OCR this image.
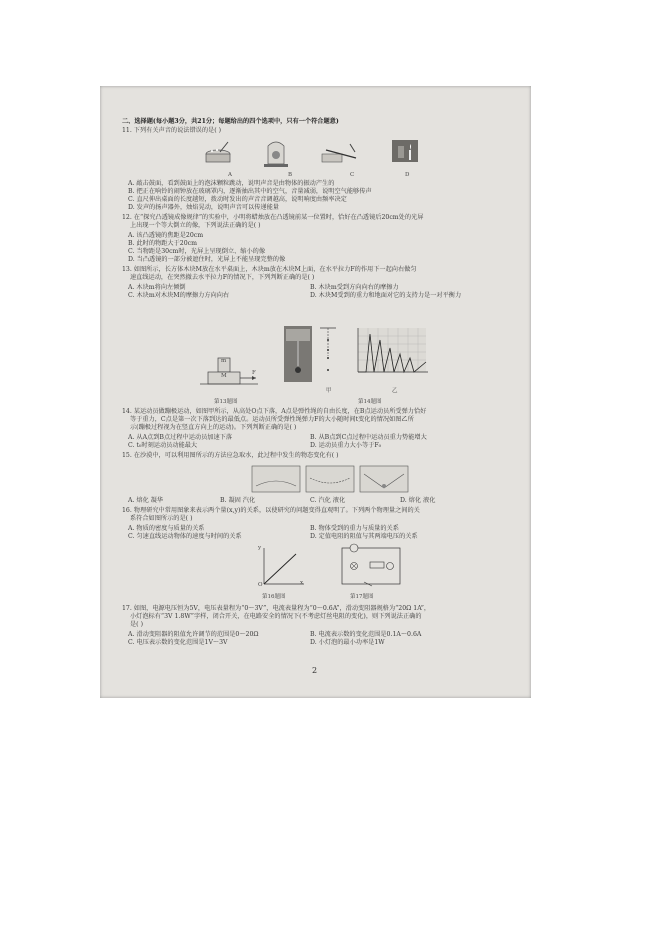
二、选择题(每小题3分，共21分；每题给出的四个选项中，只有一个符合题意)
11. 下列有关声音的说法错误的是( )
A	B	C	D
A. 敲击鼓面，看到鼓面上的泡沫颗粒跳动，说明声音是由物体的振动产生的
B. 把正在响铃的闹钟放在玻璃罩内，逐渐抽出其中的空气，音量减弱，说明空气能够传声
C. 直尺伸出桌面的长度越短，拨动时发出的声音音调越高，说明响度由频率决定
D. 发声的扬声器外，烛焰晃动，说明声音可以传递能量
12. 在“探究凸透镜成像规律”的实验中，小明将蜡烛放在凸透镜前某一位置时，恰好在凸透镜后20cm处的光屏
上出现一个等大倒立的像，下列说法正确的是( )
A. 该凸透镜的焦距是20cm
B. 此时的物距大于20cm
C. 当物距是30cm时，光屏上呈现倒立、缩小的像
D. 当凸透镜的一部分被遮住时，光屏上不能呈现完整的像
13. 如图所示，长方体木块M放在水平桌面上，木块m放在木块M上面，在水平拉力F的作用下一起向右做匀
速直线运动，在突然撤去水平拉力F的情况下，下列判断正确的是( )
A. 木块m将向左倾倒	B. 木块m受到方向向右的摩擦力
C. 木块m对木块M的摩擦力方向向右	D. 木块M受到的重力和地面对它的支持力是一对平衡力
m
M	F
第13题图
甲	乙
第14题图
14. 某运动员做蹦极运动，如图甲所示，从高处O点下落，A点是弹性绳的自由长度，在B点运动员所受弹力恰好
等于重力，C点是第一次下落到达的最低点。运动员所受弹性绳弹力F的大小随时间t变化的情况如图乙所
示(蹦极过程视为在竖直方向上的运动)。下列判断正确的是( )
A. 从A点到B点过程中运动员加速下落	B. 从B点到C点过程中运动员重力势能增大
C. t₀时刻运动员动能最大	D. 运动员重力大小等于F₀
15. 在沙漠中，可以利用图所示的方法应急取水，此过程中发生的物态变化有( )
A. 熔化 凝华	B. 凝固 汽化	C. 汽化 液化	D. 熔化 液化
16. 物理研究中常用图象来表示两个量(x,y)的关系，以使研究的问题变得直观明了。下列两个物理量之间的关
系符合如图所示的是( )
A. 物质的密度与质量的关系	B. 物体受到的重力与质量的关系
C. 匀速直线运动物体的速度与时间的关系	D. 定值电阻的阻值与其两端电压的关系
y
x
O
第16题图	第17题图
17. 如图，电源电压恒为5V，电压表量程为“0～3V”，电流表量程为“0～0.6A”，滑动变阻器规格为“20Ω 1A”，
小灯泡标有“3V 1.8W”字样，闭合开关，在电路安全的情况下(不考虑灯丝电阻的变化)，则下列说法正确的
是( )
A. 滑动变阻器的阻值允许调节的范围是0～20Ω	B. 电流表示数的变化范围是0.1A～0.6A
C. 电压表示数的变化范围是1V～3V	D. 小灯泡的最小功率是1W
2
